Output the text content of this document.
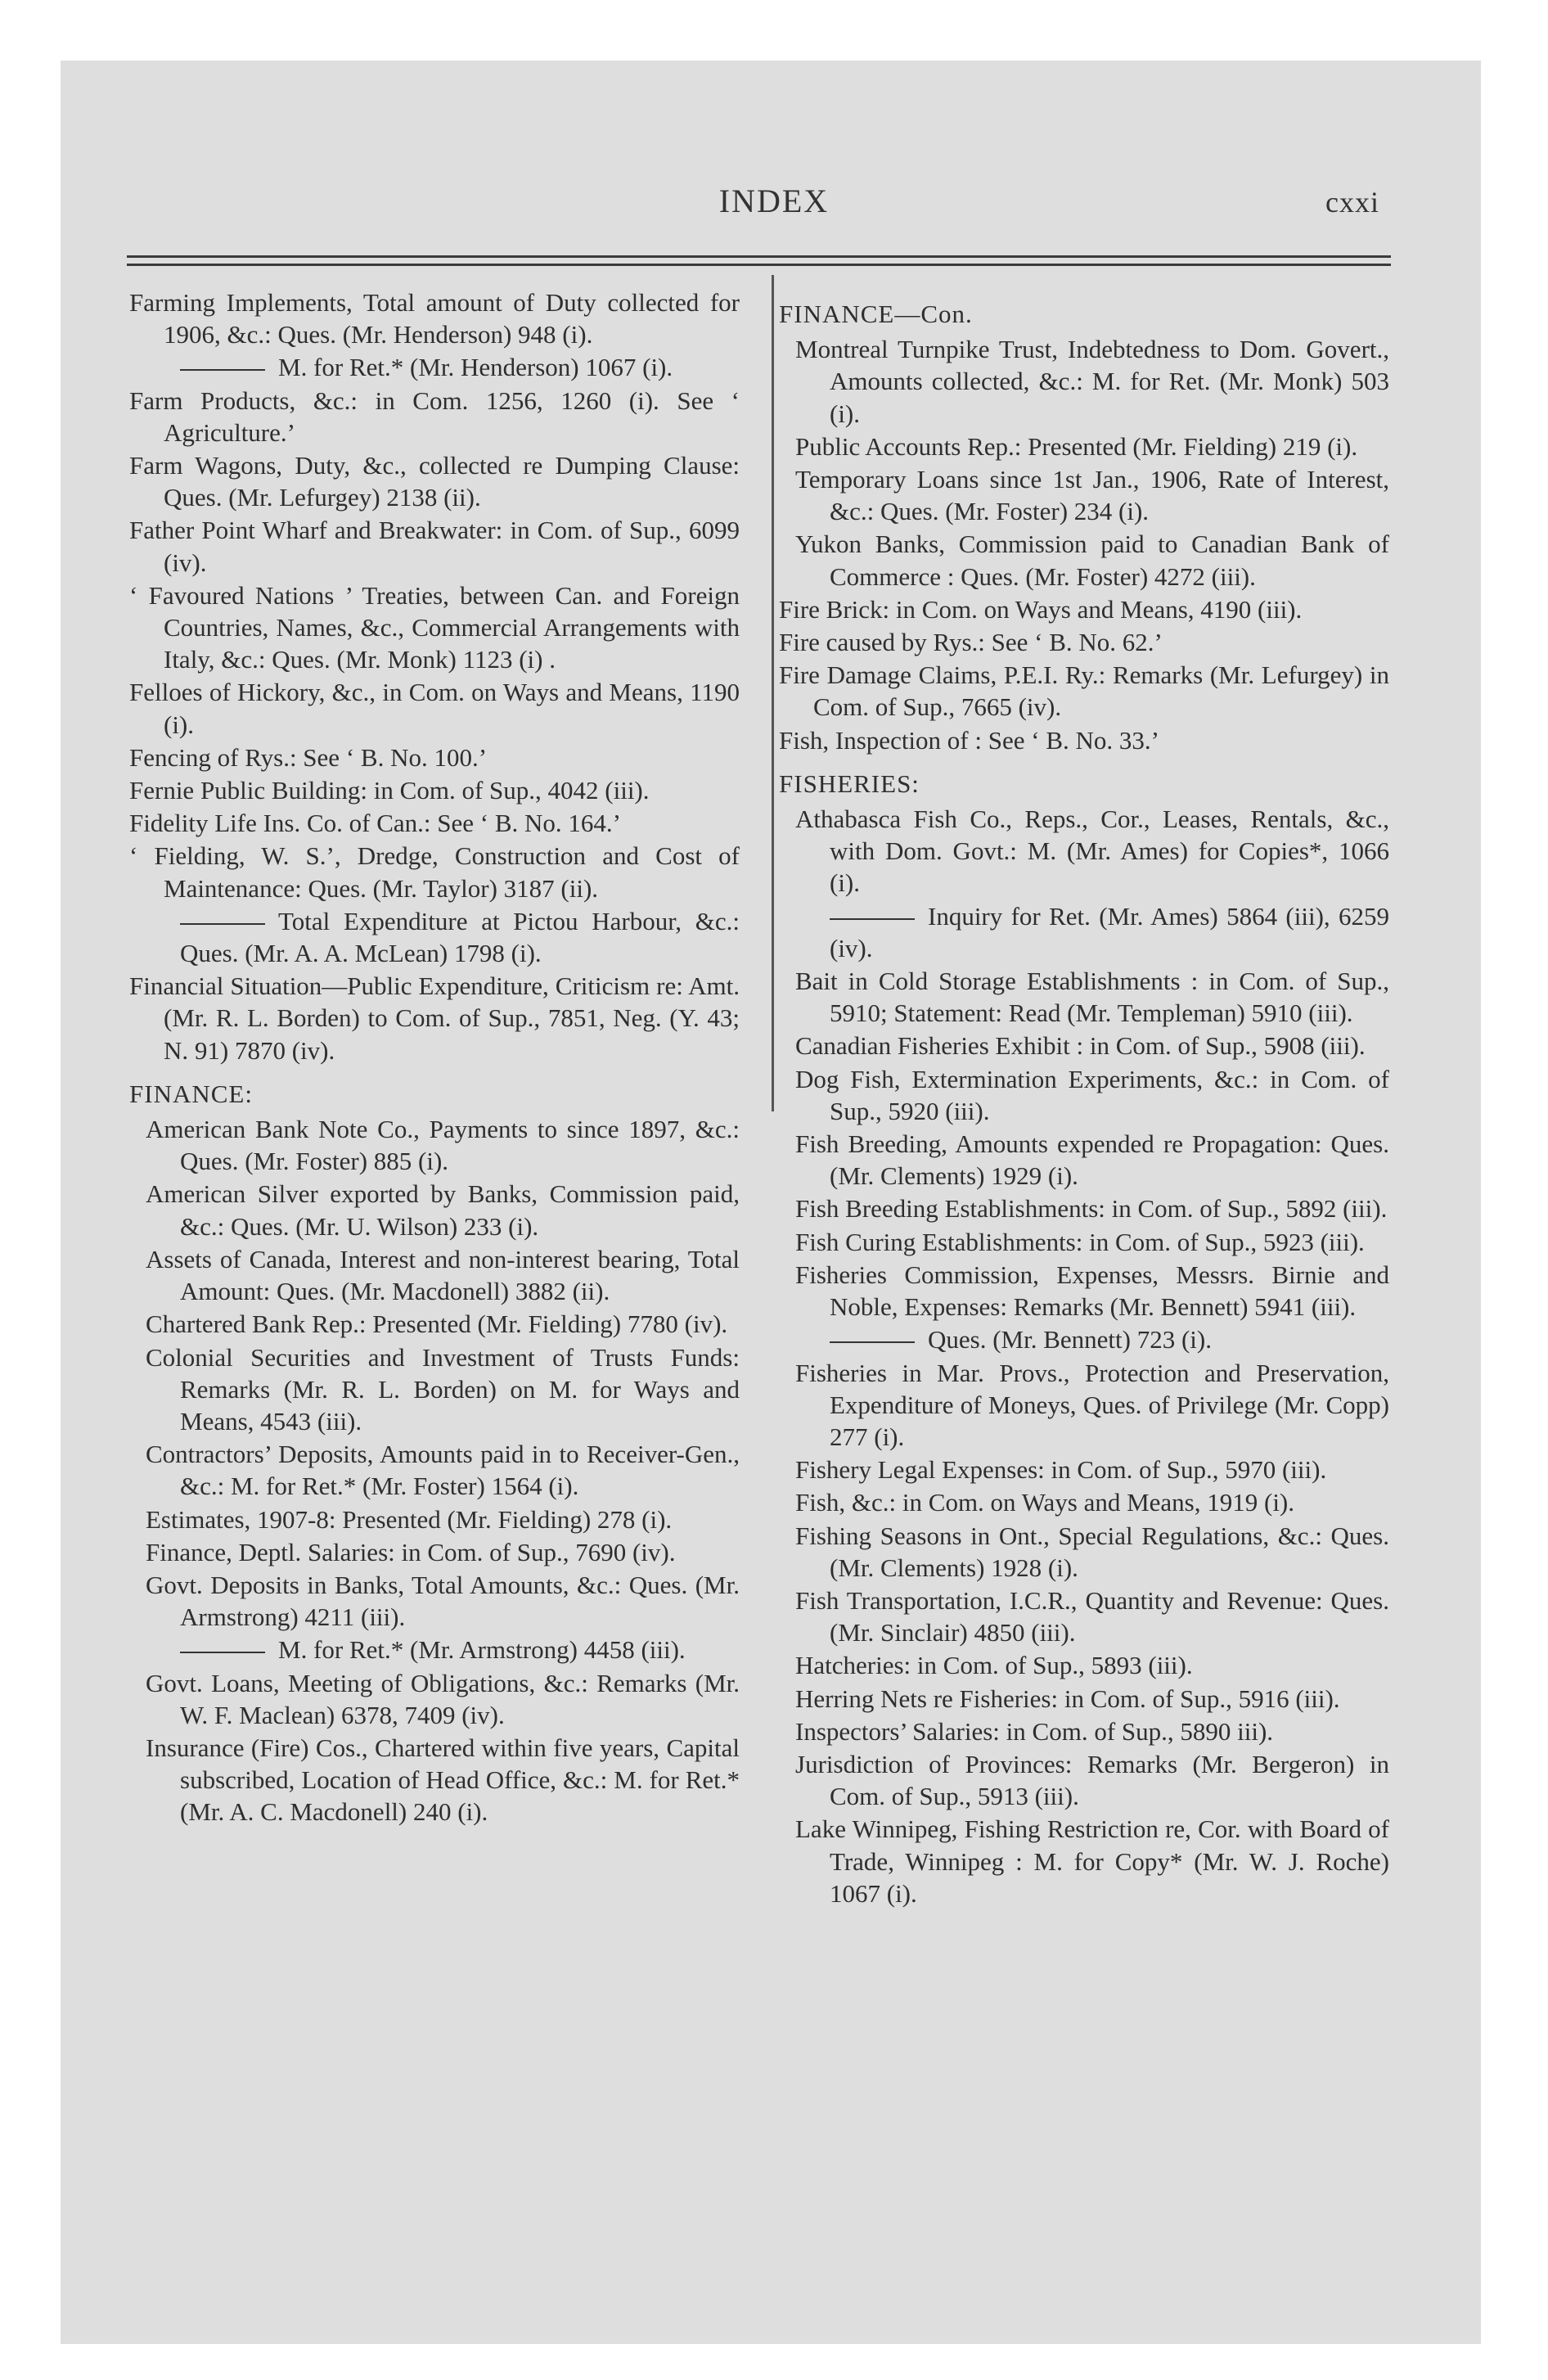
INDEX	cxxi
Farming Implements, Total amount of Duty collected for 1906, &c.: Ques. (Mr. Henderson) 948 (i).
M. for Ret.* (Mr. Henderson) 1067 (i).
Farm Products, &c.: in Com. 1256, 1260 (i). See ‘ Agriculture.’
Farm Wagons, Duty, &c., collected re Dumping Clause: Ques. (Mr. Lefurgey) 2138 (ii).
Father Point Wharf and Breakwater: in Com. of Sup., 6099 (iv).
‘ Favoured Nations ’ Treaties, between Can. and Foreign Countries, Names, &c., Commercial Arrangements with Italy, &c.: Ques. (Mr. Monk) 1123 (i) .
Felloes of Hickory, &c., in Com. on Ways and Means, 1190 (i).
Fencing of Rys.: See ‘ B. No. 100.’
Fernie Public Building: in Com. of Sup., 4042 (iii).
Fidelity Life Ins. Co. of Can.: See ‘ B. No. 164.’
‘ Fielding, W. S.’, Dredge, Construction and Cost of Maintenance: Ques. (Mr. Taylor) 3187 (ii).
Total Expenditure at Pictou Harbour, &c.: Ques. (Mr. A. A. McLean) 1798 (i).
Financial Situation—Public Expenditure, Criticism re: Amt. (Mr. R. L. Borden) to Com. of Sup., 7851, Neg. (Y. 43; N. 91) 7870 (iv).
FINANCE:
American Bank Note Co., Payments to since 1897, &c.: Ques. (Mr. Foster) 885 (i).
American Silver exported by Banks, Commission paid, &c.: Ques. (Mr. U. Wilson) 233 (i).
Assets of Canada, Interest and non-interest bearing, Total Amount: Ques. (Mr. Macdonell) 3882 (ii).
Chartered Bank Rep.: Presented (Mr. Fielding) 7780 (iv).
Colonial Securities and Investment of Trusts Funds: Remarks (Mr. R. L. Borden) on M. for Ways and Means, 4543 (iii).
Contractors’ Deposits, Amounts paid in to Receiver-Gen., &c.: M. for Ret.* (Mr. Foster) 1564 (i).
Estimates, 1907-8: Presented (Mr. Fielding) 278 (i).
Finance, Deptl. Salaries: in Com. of Sup., 7690 (iv).
Govt. Deposits in Banks, Total Amounts, &c.: Ques. (Mr. Armstrong) 4211 (iii).
M. for Ret.* (Mr. Armstrong) 4458 (iii).
Govt. Loans, Meeting of Obligations, &c.: Remarks (Mr. W. F. Maclean) 6378, 7409 (iv).
Insurance (Fire) Cos., Chartered within five years, Capital subscribed, Location of Head Office, &c.: M. for Ret.* (Mr. A. C. Macdonell) 240 (i).
FINANCE—Con.
Montreal Turnpike Trust, Indebtedness to Dom. Govert., Amounts collected, &c.: M. for Ret. (Mr. Monk) 503 (i).
Public Accounts Rep.: Presented (Mr. Fielding) 219 (i).
Temporary Loans since 1st Jan., 1906, Rate of Interest, &c.: Ques. (Mr. Foster) 234 (i).
Yukon Banks, Commission paid to Canadian Bank of Commerce : Ques. (Mr. Foster) 4272 (iii).
Fire Brick: in Com. on Ways and Means, 4190 (iii).
Fire caused by Rys.: See ‘ B. No. 62.’
Fire Damage Claims, P.E.I. Ry.: Remarks (Mr. Lefurgey) in Com. of Sup., 7665 (iv).
Fish, Inspection of : See ‘ B. No. 33.’
FISHERIES:
Athabasca Fish Co., Reps., Cor., Leases, Rentals, &c., with Dom. Govt.: M. (Mr. Ames) for Copies*, 1066 (i).
Inquiry for Ret. (Mr. Ames) 5864 (iii), 6259 (iv).
Bait in Cold Storage Establishments : in Com. of Sup., 5910; Statement: Read (Mr. Templeman) 5910 (iii).
Canadian Fisheries Exhibit : in Com. of Sup., 5908 (iii).
Dog Fish, Extermination Experiments, &c.: in Com. of Sup., 5920 (iii).
Fish Breeding, Amounts expended re Propagation: Ques. (Mr. Clements) 1929 (i).
Fish Breeding Establishments: in Com. of Sup., 5892 (iii).
Fish Curing Establishments: in Com. of Sup., 5923 (iii).
Fisheries Commission, Expenses, Messrs. Birnie and Noble, Expenses: Remarks (Mr. Bennett) 5941 (iii).
Ques. (Mr. Bennett) 723 (i).
Fisheries in Mar. Provs., Protection and Preservation, Expenditure of Moneys, Ques. of Privilege (Mr. Copp) 277 (i).
Fishery Legal Expenses: in Com. of Sup., 5970 (iii).
Fish, &c.: in Com. on Ways and Means, 1919 (i).
Fishing Seasons in Ont., Special Regulations, &c.: Ques. (Mr. Clements) 1928 (i).
Fish Transportation, I.C.R., Quantity and Revenue: Ques. (Mr. Sinclair) 4850 (iii).
Hatcheries: in Com. of Sup., 5893 (iii).
Herring Nets re Fisheries: in Com. of Sup., 5916 (iii).
Inspectors’ Salaries: in Com. of Sup., 5890 iii).
Jurisdiction of Provinces: Remarks (Mr. Bergeron) in Com. of Sup., 5913 (iii).
Lake Winnipeg, Fishing Restriction re, Cor. with Board of Trade, Winnipeg : M. for Copy* (Mr. W. J. Roche) 1067 (i).
